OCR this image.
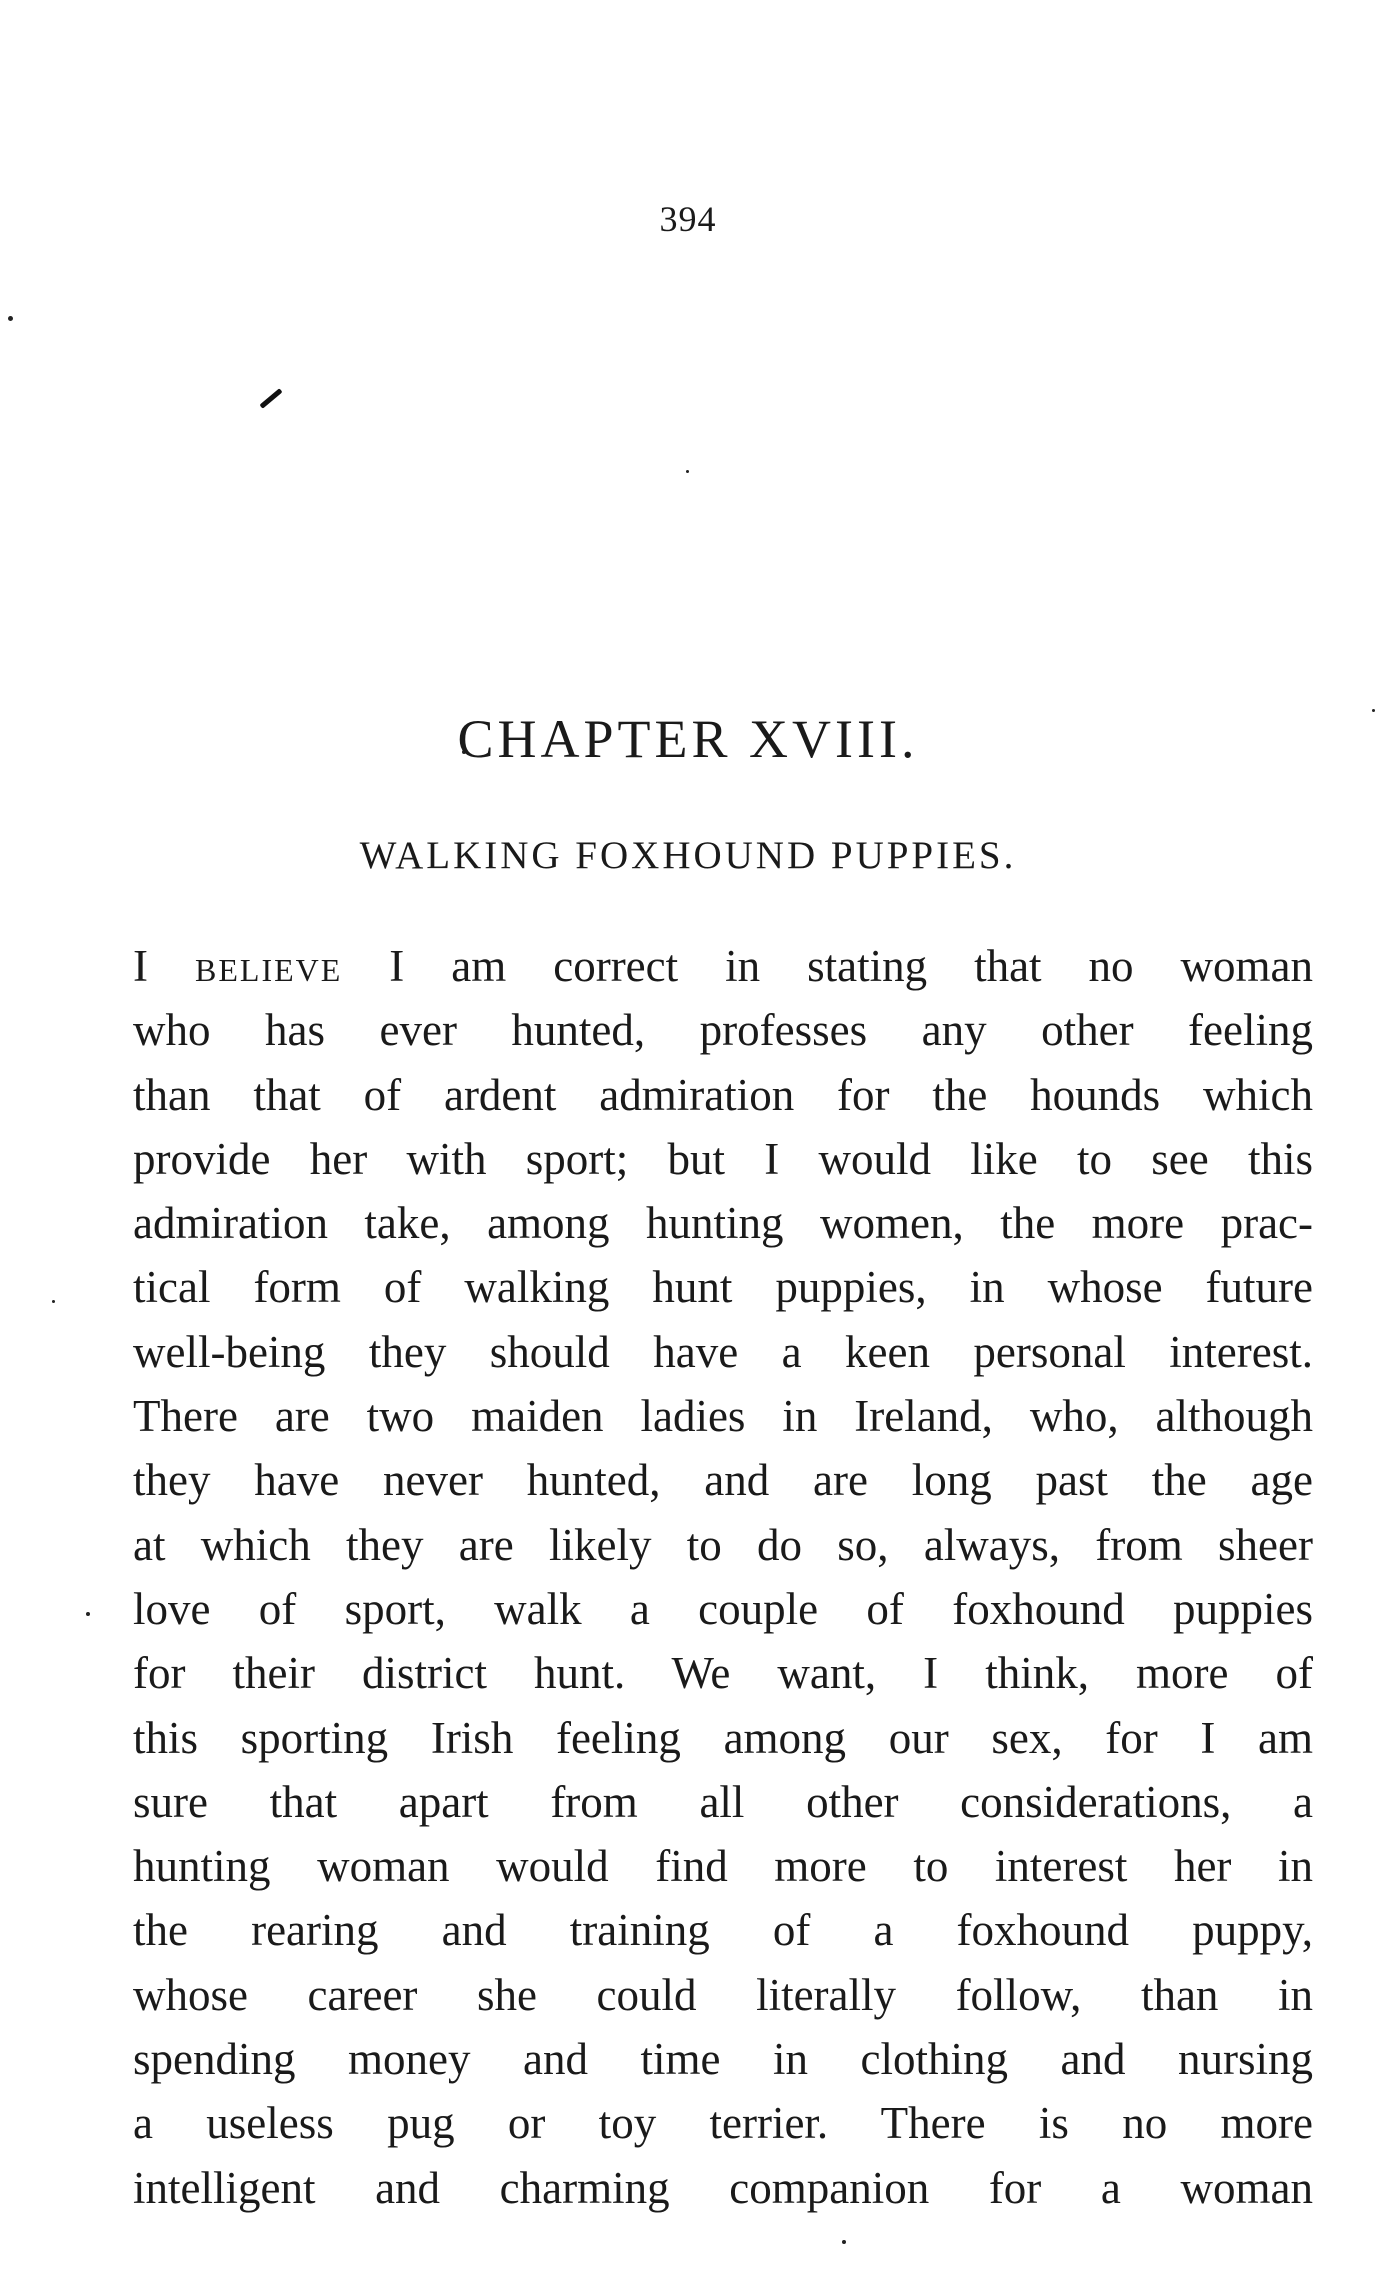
394
CHAPTER XVIII.
WALKING FOXHOUND PUPPIES.
I believe I am correct in stating that no woman
who has ever hunted, professes any other feeling
than that of ardent admiration for the hounds which
provide her with sport; but I would like to see this
admiration take, among hunting women, the more prac-
tical form of walking hunt puppies, in whose future
well-being they should have a keen personal interest.
There are two maiden ladies in Ireland, who, although
they have never hunted, and are long past the age
at which they are likely to do so, always, from sheer
love of sport, walk a couple of foxhound puppies
for their district hunt. We want, I think, more of
this sporting Irish feeling among our sex, for I am
sure that apart from all other considerations, a
hunting woman would find more to interest her in
the rearing and training of a foxhound puppy,
whose career she could literally follow, than in
spending money and time in clothing and nursing
a useless pug or toy terrier. There is no more
intelligent and charming companion for a woman
